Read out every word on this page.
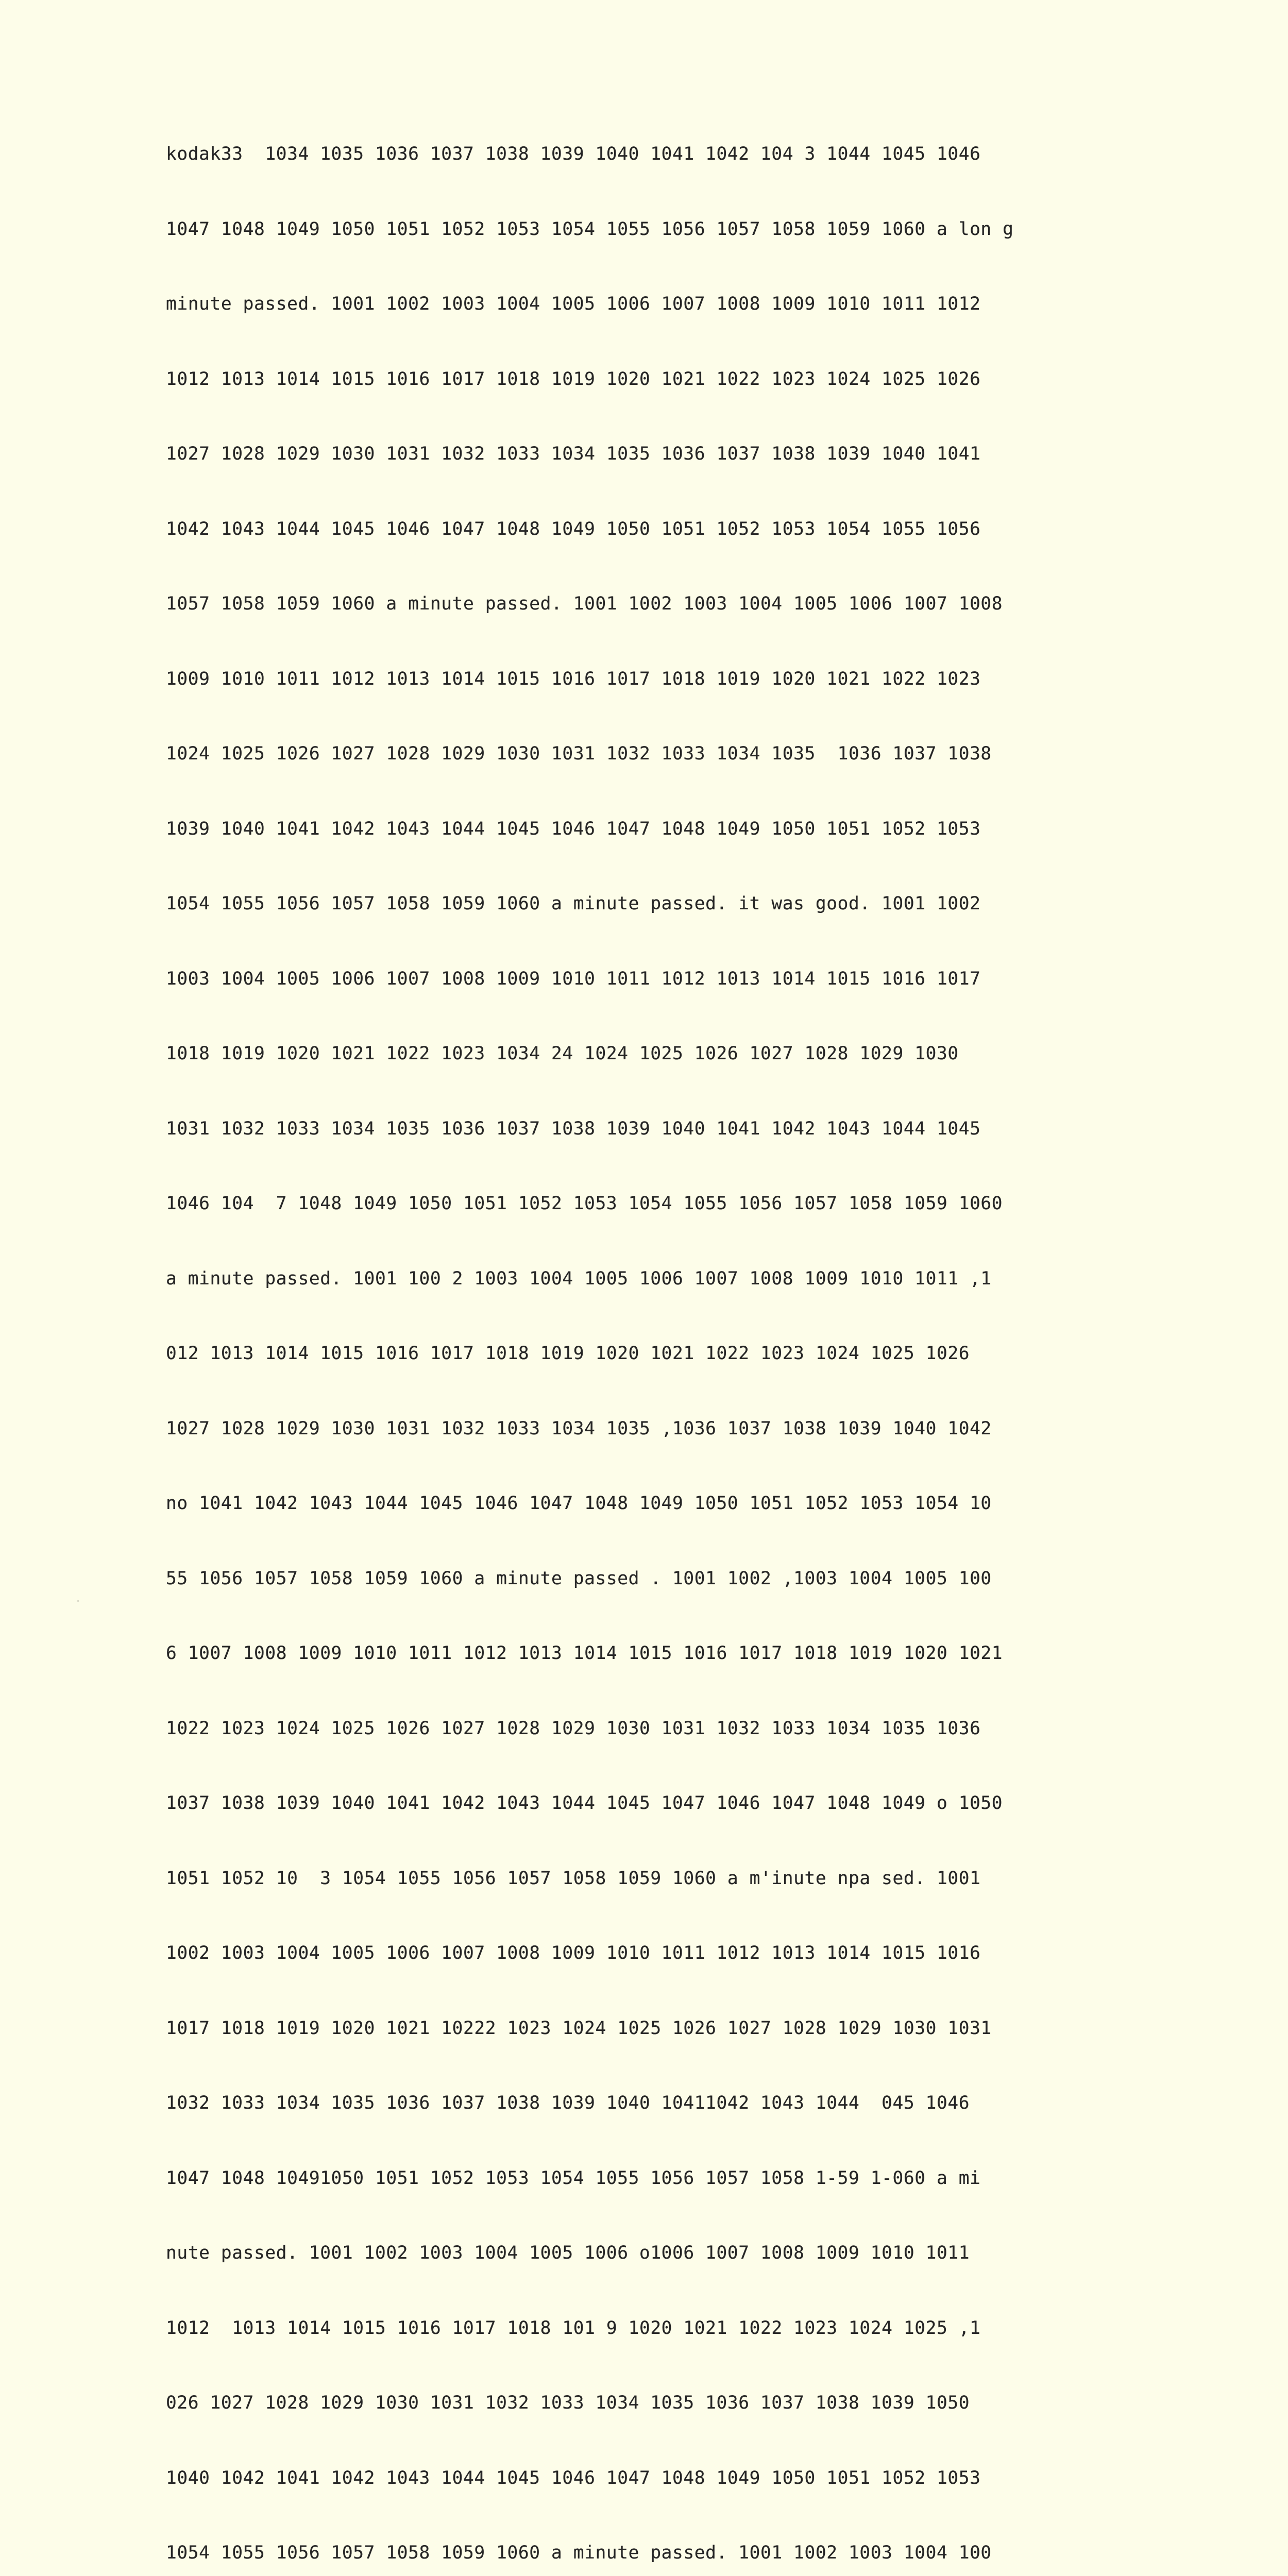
kodak33  1034 1035 1036 1037 1038 1039 1040 1041 1042 104 3 1044 1045 1046

1047 1048 1049 1050 1051 1052 1053 1054 1055 1056 1057 1058 1059 1060 a lon g

minute passed. 1001 1002 1003 1004 1005 1006 1007 1008 1009 1010 1011 1012

1012 1013 1014 1015 1016 1017 1018 1019 1020 1021 1022 1023 1024 1025 1026

1027 1028 1029 1030 1031 1032 1033 1034 1035 1036 1037 1038 1039 1040 1041

1042 1043 1044 1045 1046 1047 1048 1049 1050 1051 1052 1053 1054 1055 1056

1057 1058 1059 1060 a minute passed. 1001 1002 1003 1004 1005 1006 1007 1008

1009 1010 1011 1012 1013 1014 1015 1016 1017 1018 1019 1020 1021 1022 1023

1024 1025 1026 1027 1028 1029 1030 1031 1032 1033 1034 1035  1036 1037 1038

1039 1040 1041 1042 1043 1044 1045 1046 1047 1048 1049 1050 1051 1052 1053

1054 1055 1056 1057 1058 1059 1060 a minute passed. it was good. 1001 1002

1003 1004 1005 1006 1007 1008 1009 1010 1011 1012 1013 1014 1015 1016 1017

1018 1019 1020 1021 1022 1023 1034 24 1024 1025 1026 1027 1028 1029 1030

1031 1032 1033 1034 1035 1036 1037 1038 1039 1040 1041 1042 1043 1044 1045

1046 104  7 1048 1049 1050 1051 1052 1053 1054 1055 1056 1057 1058 1059 1060

a minute passed. 1001 100 2 1003 1004 1005 1006 1007 1008 1009 1010 1011 ,1

012 1013 1014 1015 1016 1017 1018 1019 1020 1021 1022 1023 1024 1025 1026

1027 1028 1029 1030 1031 1032 1033 1034 1035 ,1036 1037 1038 1039 1040 1042

no 1041 1042 1043 1044 1045 1046 1047 1048 1049 1050 1051 1052 1053 1054 10

55 1056 1057 1058 1059 1060 a minute passed . 1001 1002 ,1003 1004 1005 100

6 1007 1008 1009 1010 1011 1012 1013 1014 1015 1016 1017 1018 1019 1020 1021

1022 1023 1024 1025 1026 1027 1028 1029 1030 1031 1032 1033 1034 1035 1036

1037 1038 1039 1040 1041 1042 1043 1044 1045 1047 1046 1047 1048 1049 o 1050

1051 1052 10  3 1054 1055 1056 1057 1058 1059 1060 a m'inute npa sed. 1001

1002 1003 1004 1005 1006 1007 1008 1009 1010 1011 1012 1013 1014 1015 1016

1017 1018 1019 1020 1021 10222 1023 1024 1025 1026 1027 1028 1029 1030 1031

1032 1033 1034 1035 1036 1037 1038 1039 1040 10411042 1043 1044  045 1046

1047 1048 10491050 1051 1052 1053 1054 1055 1056 1057 1058 1-59 1-060 a mi

nute passed. 1001 1002 1003 1004 1005 1006 o1006 1007 1008 1009 1010 1011

1012  1013 1014 1015 1016 1017 1018 101 9 1020 1021 1022 1023 1024 1025 ,1

026 1027 1028 1029 1030 1031 1032 1033 1034 1035 1036 1037 1038 1039 1050

1040 1042 1041 1042 1043 1044 1045 1046 1047 1048 1049 1050 1051 1052 1053

1054 1055 1056 1057 1058 1059 1060 a minute passed. 1001 1002 1003 1004 100
